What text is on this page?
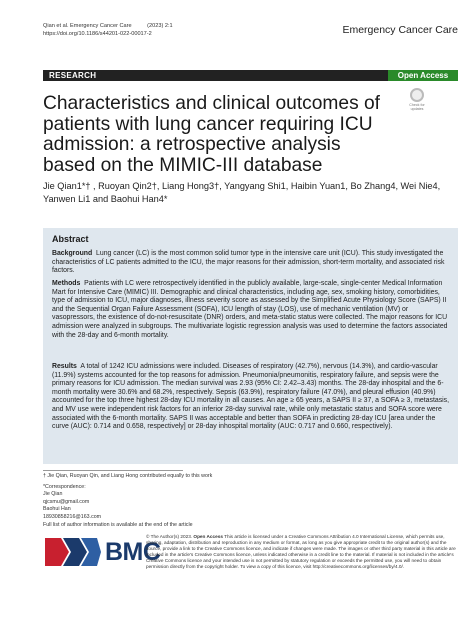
Qian et al. Emergency Cancer Care	(2023) 2:1
https://doi.org/10.1186/s44201-022-00017-2	Emergency Cancer Care
RESEARCH	Open Access
Check for updates
Characteristics and clinical outcomes of patients with lung cancer requiring ICU admission: a retrospective analysis based on the MIMIC-III database
Jie Qian1*† , Ruoyan Qin2†, Liang Hong3†, Yangyang Shi1, Haibin Yuan1, Bo Zhang4, Wei Nie4, Yanwen Li1 and Baohui Han4*
Abstract
Background Lung cancer (LC) is the most common solid tumor type in the intensive care unit (ICU). This study investigated the characteristics of LC patients admitted to the ICU, the major reasons for their admission, short-term mortality, and associated risk factors.
Methods Patients with LC were retrospectively identified in the publicly available, large-scale, single-center Medical Information Mart for Intensive Care (MIMIC) III. Demographic and clinical characteristics, including age, sex, smoking history, comorbidities, type of admission to ICU, major diagnoses, illness severity score as assessed by the Simplified Acute Physiology Score (SAPS) II and the Sequential Organ Failure Assessment (SOFA), ICU length of stay (LOS), use of mechanic ventilation (MV) or vasopressors, the existence of do-not-resuscitate (DNR) orders, and meta-static status were collected. The major reasons for ICU admission were analyzed in subgroups. The multivariate logistic regression analysis was used to determine the factors associated with the 28-day and 6-month mortality.
Results A total of 1242 ICU admissions were included. Diseases of respiratory (42.7%), nervous (14.3%), and cardio-vascular (11.9%) systems accounted for the top reasons for admission. Pneumonia/pneumonitis, respiratory failure, and sepsis were the primary reasons for ICU admission. The median survival was 2.93 (95% CI: 2.42–3.43) months. The 28-day inhospital and the 6-month mortality were 30.6% and 68.2%, respectively. Sepsis (63.9%), respiratory failure (47.0%), and pleural effusion (40.9%) accounted for the top three highest 28-day ICU mortality in all causes. An age ≥ 65 years, a SAPS II ≥ 37, a SOFA ≥ 3, metastasis, and MV use were independent risk factors for an inferior 28-day survival rate, while only metastatic status and SOFA score were associated with the 6-month mortality. SAPS II was acceptable and better than SOFA in predicting 28-day ICU [area under the curve (AUC): 0.714 and 0.658, respectively] or 28-day inhospital mortality (AUC: 0.717 and 0.660, respectively).
† Jie Qian, Ruoyan Qin, and Liang Hong contributed equally to this work
*Correspondence:
Jie Qian
qjcsmu@gmail.com
Baohui Han
18930858216@163.com
Full list of author information is available at the end of the article
BMC
© The Author(s) 2023. Open Access This article is licensed under a Creative Commons Attribution 4.0 International License, which permits use, sharing, adaptation, distribution and reproduction in any medium or format, as long as you give appropriate credit to the original author(s) and the source, provide a link to the Creative Commons licence, and indicate if changes were made. The images or other third party material in this article are included in the article's Creative Commons licence, unless indicated otherwise in a credit line to the material. If material is not included in the article's Creative Commons licence and your intended use is not permitted by statutory regulation or exceeds the permitted use, you will need to obtain permission directly from the copyright holder. To view a copy of this licence, visit http://creativecommons.org/licenses/by/4.0/.
